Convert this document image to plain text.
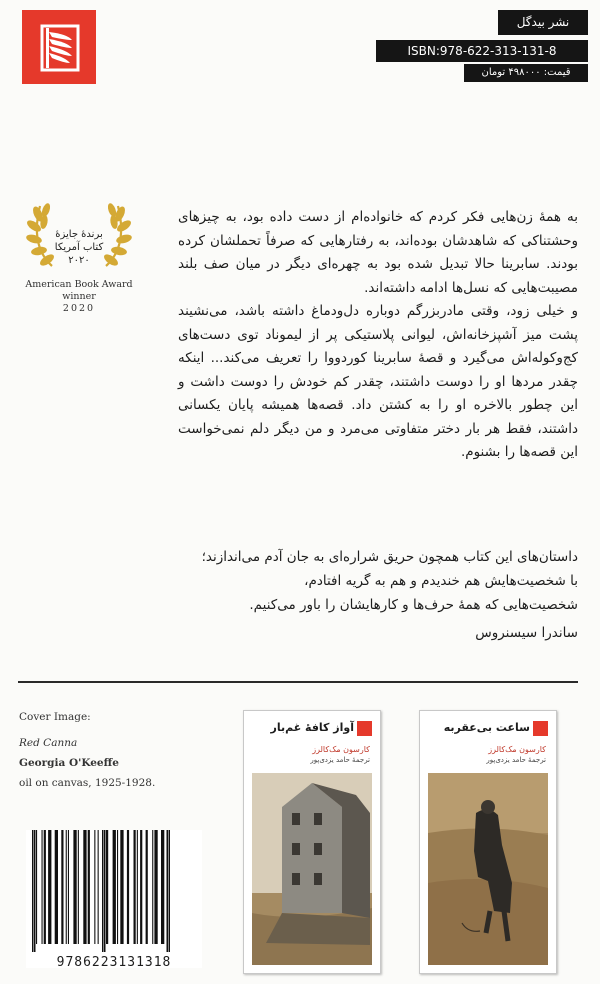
نشر بیدگل
ISBN:978-622-313-131-8
قیمت: ۴۹۸۰۰۰ تومان
برندۀ جایزۀ
کتاب آمریکا
۲۰۲۰
American Book Award
winner
2020

به همهٔ زن‌هایی فکر کردم که خانواده‌ام از دست داده بود، به چیزهای وحشتناکی که شاهدشان بوده‌اند، به رفتارهایی که صرفاً تحملشان کرده بودند. سابرینا حالا تبدیل شده بود به چهره‌ای دیگر در میان صف بلند مصیبت‌هایی که نسل‌ها ادامه داشته‌اند.

و خیلی زود، وقتی مادربزرگم دوباره دل‌ودماغ داشته باشد، می‌نشیند پشت میز آشپزخانه‌اش، لیوانی پلاستیکی پر از لیموناد توی دست‌های کج‌وکوله‌اش می‌گیرد و قصهٔ سابرینا کوردووا را تعریف می‌کند... اینکه چقدر مردها او را دوست داشتند، چقدر کم خودش را دوست داشت و این چطور بالاخره او را به کشتن داد. قصه‌ها همیشه پایان یکسانی داشتند، فقط هر بار دختر متفاوتی می‌مرد و من دیگر دلم نمی‌خواست این قصه‌ها را بشنوم.

داستان‌های این کتاب همچون حریق شراره‌ای به جان آدم می‌اندازند؛

با شخصیت‌هایش هم خندیدم و هم به گریه افتادم،

شخصیت‌هایی که همهٔ حرف‌ها و کارهایشان را باور می‌کنیم.

ساندرا سیسنروس

Cover Image:
Red Canna
Georgia O'Keeffe
oil on canvas, 1925-1928.
9786223131318
ساعت بی‌عقربه
کارسون مک‌کالرز
ترجمهٔ حامد یزدی‌پور
آواز کافهٔ غم‌بار
کارسون مک‌کالرز
ترجمهٔ حامد یزدی‌پور
